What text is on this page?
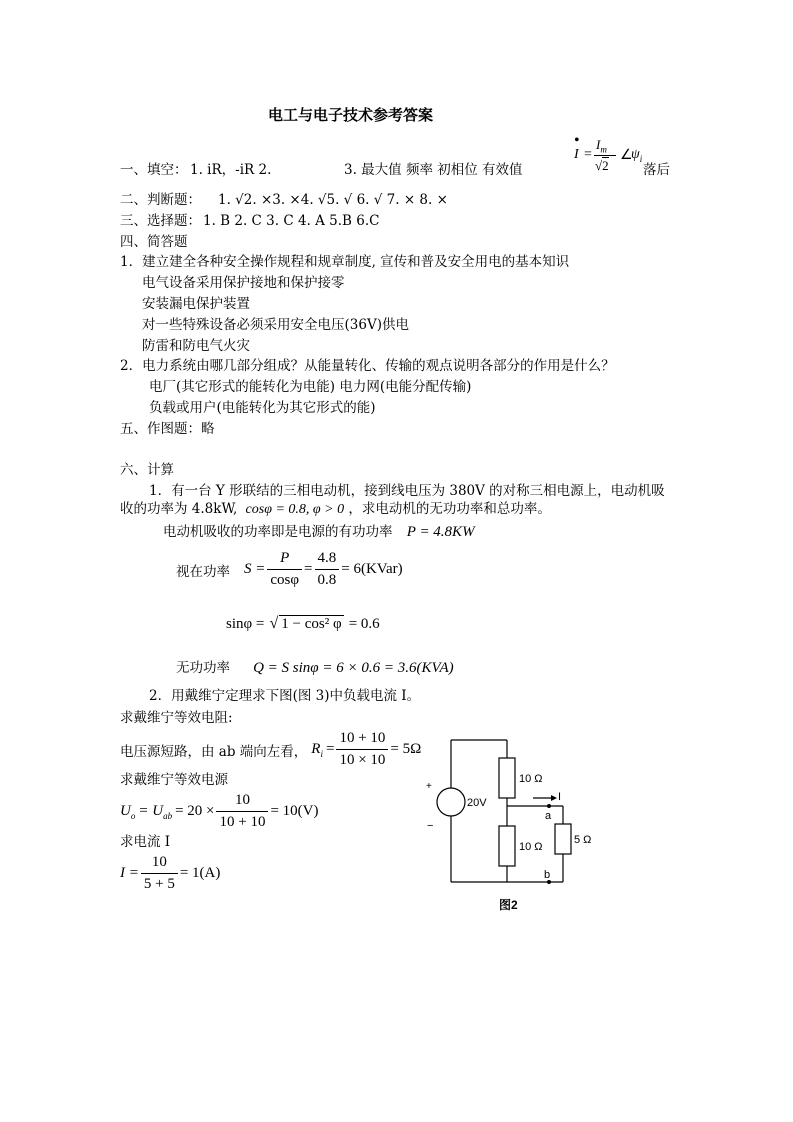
电工与电子技术参考答案
一、填空： 1. iR，-iR 2.	3. 最大值 频率 初相位 有效值
•
I =
$I_m$
√2
∠
$\psi_i$
落后
二、判断题： 1. √2. ×3. ×4. √5. √ 6. √ 7. × 8. ×
三、选择题： 1. B 2. C 3. C 4. A 5.B 6.C
四、简答题
1．建立建全各种安全操作规程和规章制度, 宣传和普及安全用电的基本知识
电气设备采用保护接地和保护接零
安装漏电保护装置
对一些特殊设备必须采用安全电压(36V)供电
防雷和防电气火灾
2．电力系统由哪几部分组成？从能量转化、传输的观点说明各部分的作用是什么？
电厂(其它形式的能转化为电能) 电力网(电能分配传输)
负载或用户(电能转化为其它形式的能)
五、作图题：略
六、计算
1．有一台 Y 形联结的三相电动机，接到线电压为 380V 的对称三相电源上，电动机吸
收的功率为 4.8kW, cosφ = 0.8, φ > 0 ，求电动机的无功功率和总功率。
电动机吸收的功率即是电源的有功功率 P = 4.8KW
视在功率 $S = \frac{P}{\cos\varphi} = \frac{4.8}{0.8}$ = 6(KVar)
sinφ = √ 1 − cos² φ = 0.6
无功功率 Q = S sinφ = 6 × 0.6 = 3.6(KVA)
2．用戴维宁定理求下图(图 3)中负载电流 I。
求戴维宁等效电阻:
电压源短路，由 ab 端向左看， $R_i = \frac{10 + 10}{10 \times 10} = 5\Omega$
求戴维宁等效电源
$U_o = U_{ab} = 20 \times \frac{10}{10 + 10} = 10(V)$
求电流 I
$I = \frac{10}{5 + 5} = 1(A)$
+
−
20V
10 Ω
10 Ω
5 Ω
I
a
b
图2
